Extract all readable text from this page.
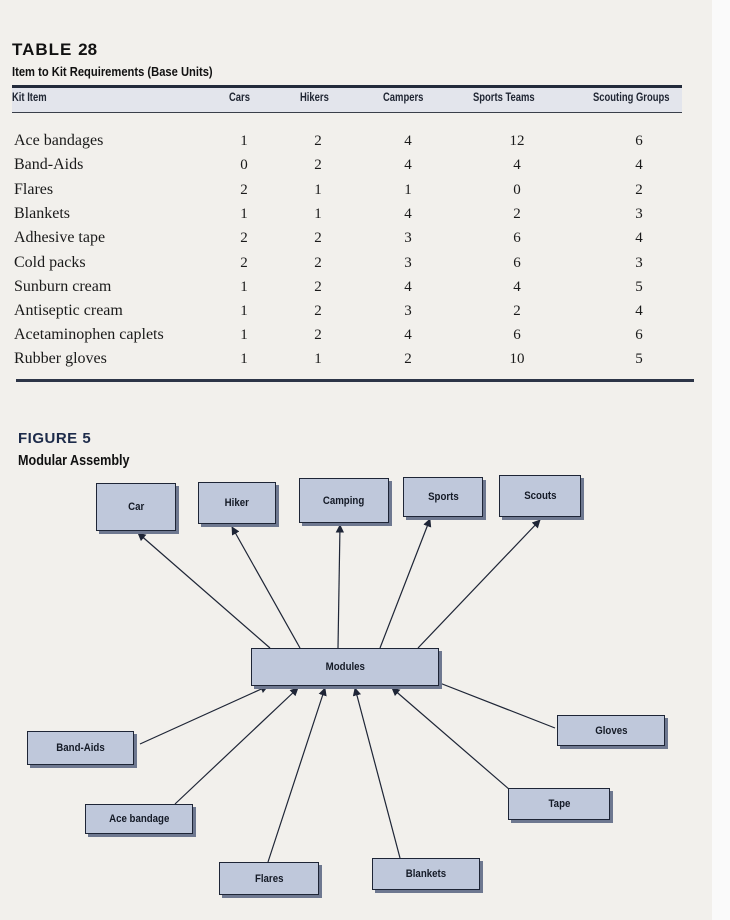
TABLE 28
Item to Kit Requirements (Base Units)
Kit Item	Cars	Hikers	Campers	Sports Teams	Scouting Groups
Ace bandages	1	2	4	12	6
Band-Aids	0	2	4	4	4
Flares	2	1	1	0	2
Blankets	1	1	4	2	3
Adhesive tape	2	2	3	6	4
Cold packs	2	2	3	6	3
Sunburn cream	1	2	4	4	5
Antiseptic cream	1	2	3	2	4
Acetaminophen caplets	1	2	4	6	6
Rubber gloves	1	1	2	10	5
FIGURE 5
Modular Assembly
Car	Hiker	Camping	Sports	Scouts
Modules
Band-Aids
Ace bandage
Flares	Blankets
Tape
Gloves
